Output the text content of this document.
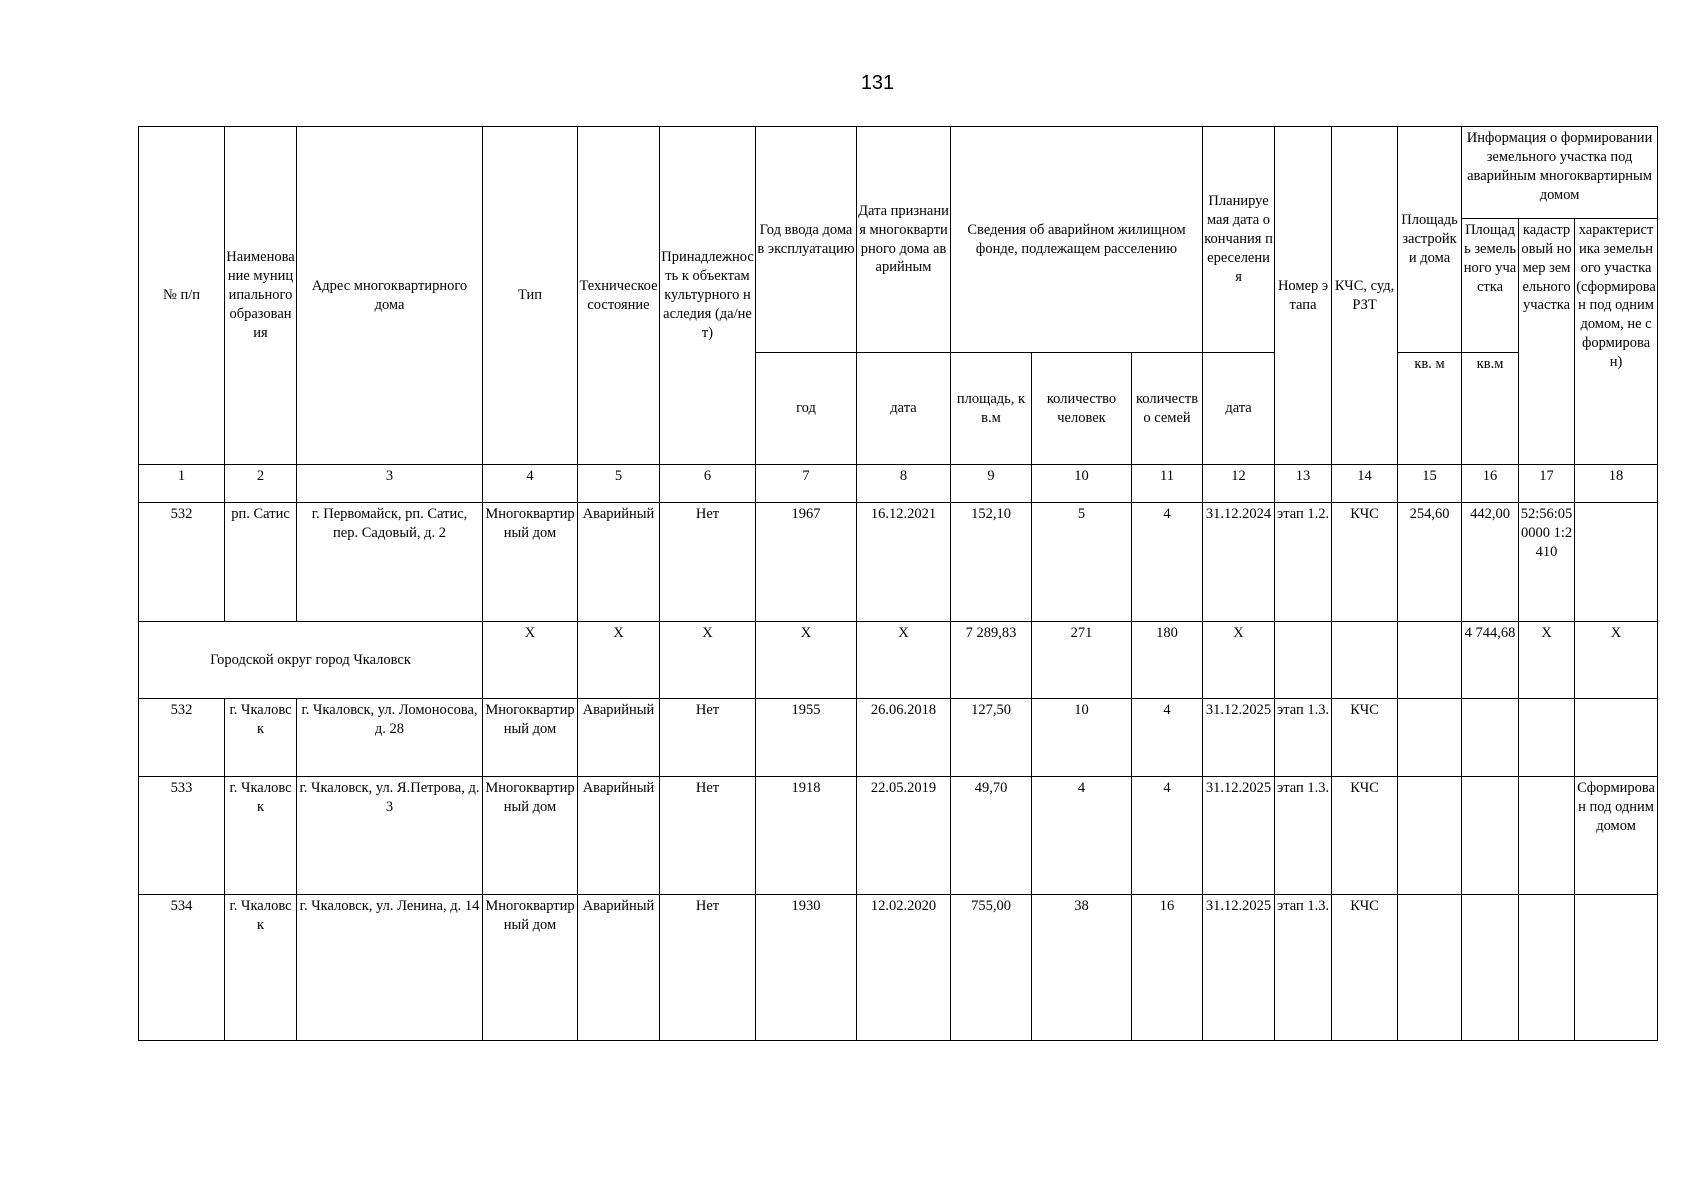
131
№ п/п	Наименование муниципального образования	Адрес многоквартирного дома	Тип	Техническое состояние	Принадлежность к объектам культурного наследия (да/нет)	Год ввода дома в эксплуатацию	Дата признания многоквартирного дома аварийным	Сведения об аварийном жилищном фонде, подлежащем расселению			Планируемая дата окончания переселения	Номер этапа	КЧС, суд, РЗТ	Площадь застройки дома	Информация о формировании земельного участка под аварийным многоквартирным домом		
															Площадь земельного участка	кадастровый номер земельного участка	характеристика земельного участка (сформирован под одним домом, не сформирован)
						год	дата	площадь, кв.м	количество человек	количество семей	дата			кв. м	кв.м		
1	2	3	4	5	6	7	8	9	10	11	12	13	14	15	16	17	18
532	рп. Сатис	г. Первомайск, рп. Сатис, пер. Садовый, д. 2	Многоквартирный дом	Аварийный	Нет	1967	16.12.2021	152,10	5	4	31.12.2024	этап 1.2.	КЧС	254,60	442,00	52:56:050000 1:2410	
Городской округ город Чкаловск			X	X	X	X	X	7 289,83	271	180	X				4 744,68	X	X
532	г. Чкаловск	г. Чкаловск, ул. Ломоносова, д. 28	Многоквартирный дом	Аварийный	Нет	1955	26.06.2018	127,50	10	4	31.12.2025	этап 1.3.	КЧС				
533	г. Чкаловск	г. Чкаловск, ул. Я.Петрова, д. 3	Многоквартирный дом	Аварийный	Нет	1918	22.05.2019	49,70	4	4	31.12.2025	этап 1.3.	КЧС				Сформирован под одним домом
534	г. Чкаловск	г. Чкаловск, ул. Ленина, д. 14	Многоквартирный дом	Аварийный	Нет	1930	12.02.2020	755,00	38	16	31.12.2025	этап 1.3.	КЧС				
